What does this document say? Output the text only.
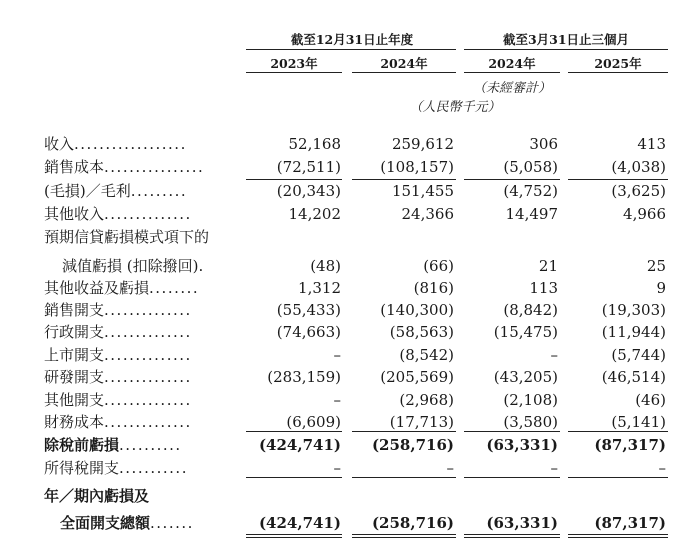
截至12月31日止年度	截至3月31日止三個月
2023年	2024年	2024年	2025年
（未經審計）
（人民幣千元）
收入..................	52,168	259,612	306	413
銷售成本................	(72,511)	(108,157)	(5,058)	(4,038)
(毛損)／毛利.........	(20,343)	151,455	(4,752)	(3,625)
其他收入..............	14,202	24,366	14,497	4,966
預期信貸虧損模式項下的
減值虧損 (扣除撥回).	(48)	(66)	21	25
其他收益及虧損........	1,312	(816)	113	9
銷售開支..............	(55,433)	(140,300)	(8,842)	(19,303)
行政開支..............	(74,663)	(58,563)	(15,475)	(11,944)
上市開支..............	–	(8,542)	–	(5,744)
研發開支..............	(283,159)	(205,569)	(43,205)	(46,514)
其他開支..............	–	(2,968)	(2,108)	(46)
財務成本..............	(6,609)	(17,713)	(3,580)	(5,141)
除稅前虧損..........	(424,741)	(258,716)	(63,331)	(87,317)
所得稅開支...........	–	–	–	–
年／期內虧損及
全面開支總額.......	(424,741)	(258,716)	(63,331)	(87,317)
